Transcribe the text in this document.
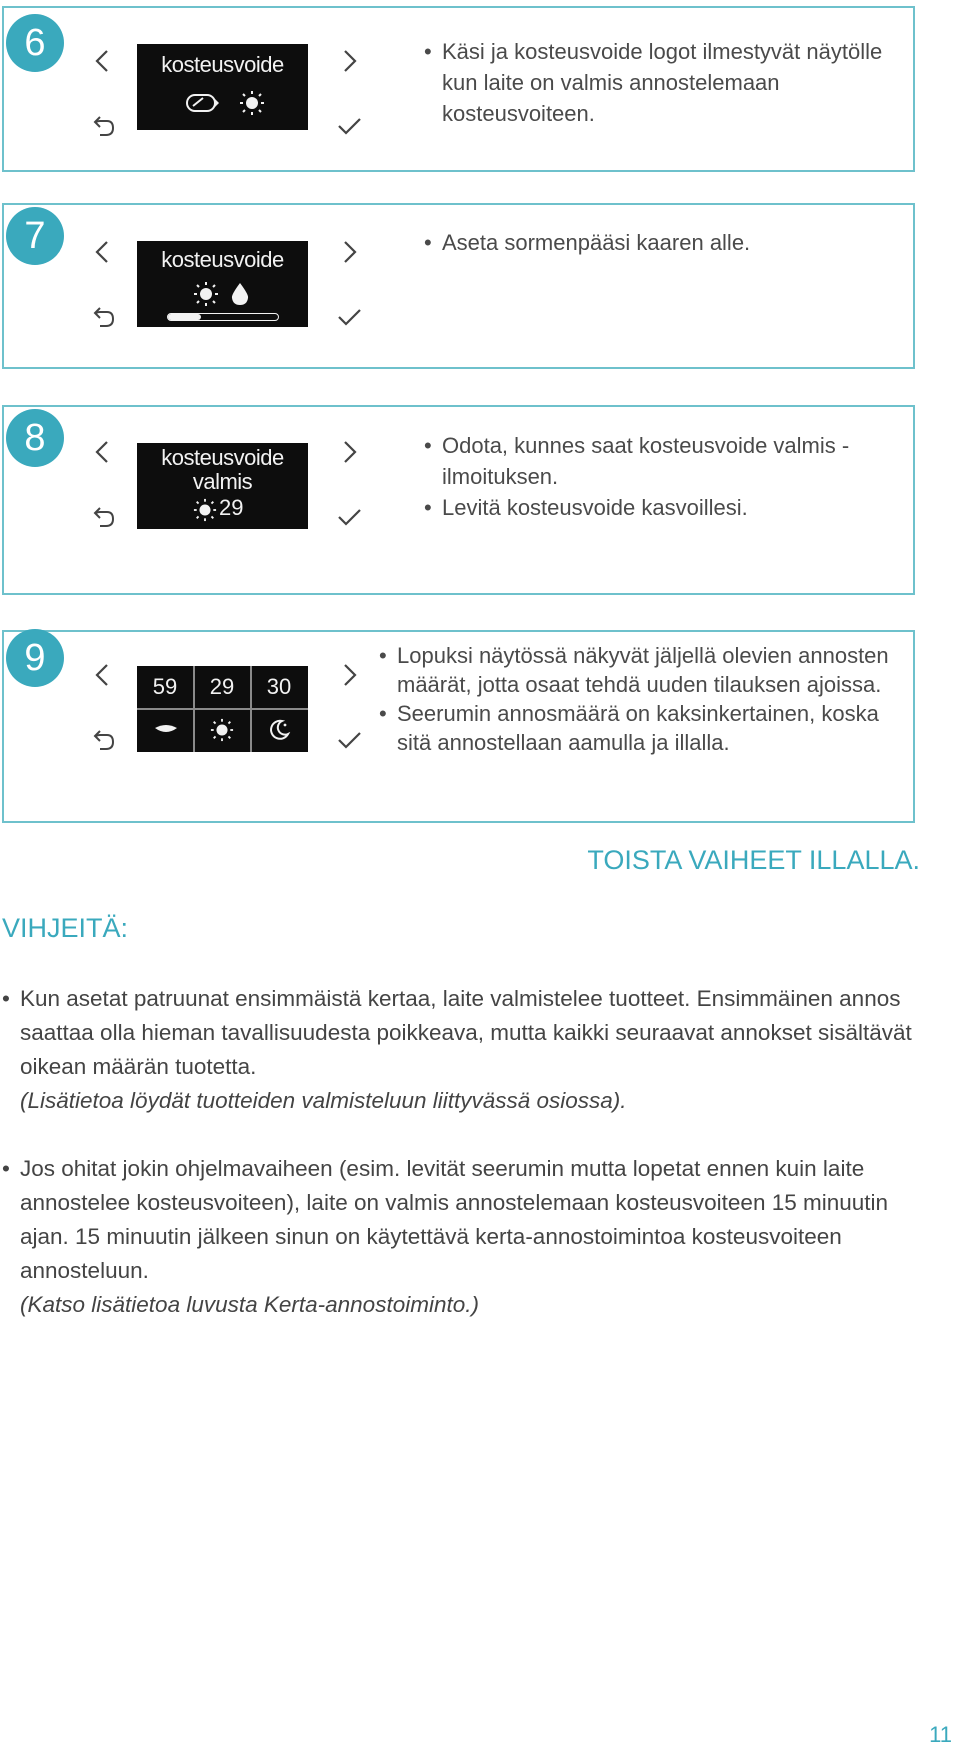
6
kosteusvoide
• Käsi ja kosteusvoide logot ilmestyvät näytölle kun laite on valmis annostelemaan kosteusvoiteen.
7
kosteusvoide
• Aseta sormenpääsi kaaren alle.
8	kosteusvoide
valmis
29
• Odota, kunnes saat kosteusvoide valmis -ilmoituksen.
• Levitä kosteusvoide kasvoillesi.
9
59	29	30
• Lopuksi näytössä näkyvät jäljellä olevien annosten määrät, jotta osaat tehdä uuden tilauksen ajoissa.
• Seerumin annosmäärä on kaksinkertainen, koska sitä annostellaan aamulla ja illalla.
TOISTA VAIHEET ILLALLA.
VIHJEITÄ:
• Kun asetat patruunat ensimmäistä kertaa, laite valmistelee tuotteet. Ensimmäinen annos saattaa olla hieman tavallisuudesta poikkeava, mutta kaikki seuraavat annokset sisältävät oikean määrän tuotetta.

(Lisätietoa löydät tuotteiden valmisteluun liittyvässä osiossa).

• Jos ohitat jokin ohjelmavaiheen (esim. levität seerumin mutta lopetat ennen kuin laite annostelee kosteusvoiteen), laite on valmis annostelemaan kosteusvoiteen 15 minuutin ajan. 15 minuutin jälkeen sinun on käytettävä kerta-annostoimintoa kosteusvoiteen annosteluun.

(Katso lisätietoa luvusta Kerta-annostoiminto.)

11
